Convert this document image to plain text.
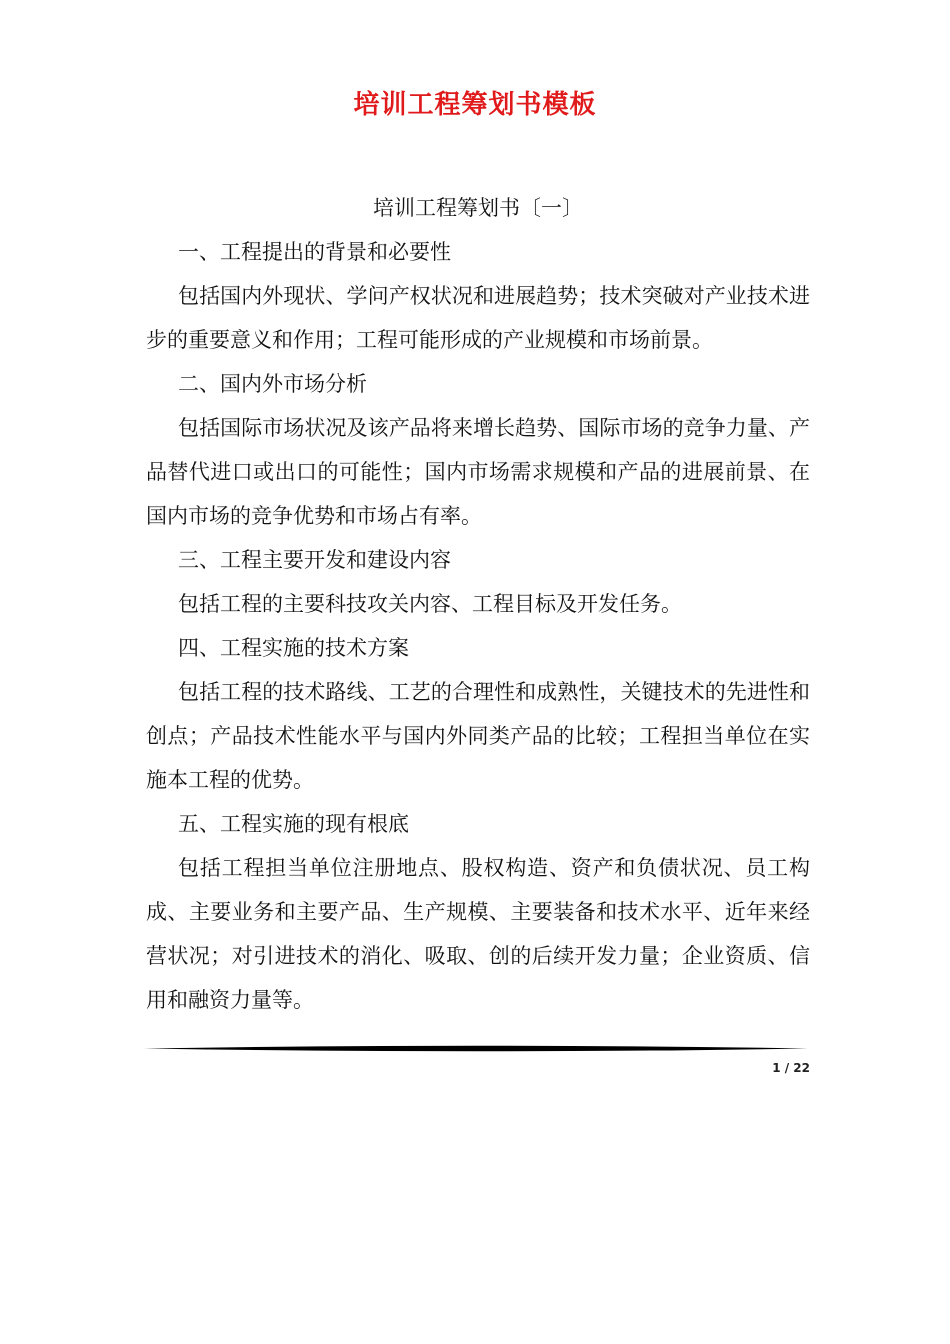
培训工程筹划书模板

培训工程筹划书〔一〕

一、工程提出的背景和必要性

包括国内外现状、学问产权状况和进展趋势；技术突破对产业技术进步的重要意义和作用；工程可能形成的产业规模和市场前景。

二、国内外市场分析

包括国际市场状况及该产品将来增长趋势、国际市场的竞争力量、产品替代进口或出口的可能性；国内市场需求规模和产品的进展前景、在国内市场的竞争优势和市场占有率。

三、工程主要开发和建设内容

包括工程的主要科技攻关内容、工程目标及开发任务。

四、工程实施的技术方案

包括工程的技术路线、工艺的合理性和成熟性，关键技术的先进性和创点；产品技术性能水平与国内外同类产品的比较；工程担当单位在实施本工程的优势。

五、工程实施的现有根底

包括工程担当单位注册地点、股权构造、资产和负债状况、员工构成、主要业务和主要产品、生产规模、主要装备和技术水平、近年来经营状况；对引进技术的消化、吸取、创的后续开发力量；企业资质、信用和融资力量等。

1 / 22
